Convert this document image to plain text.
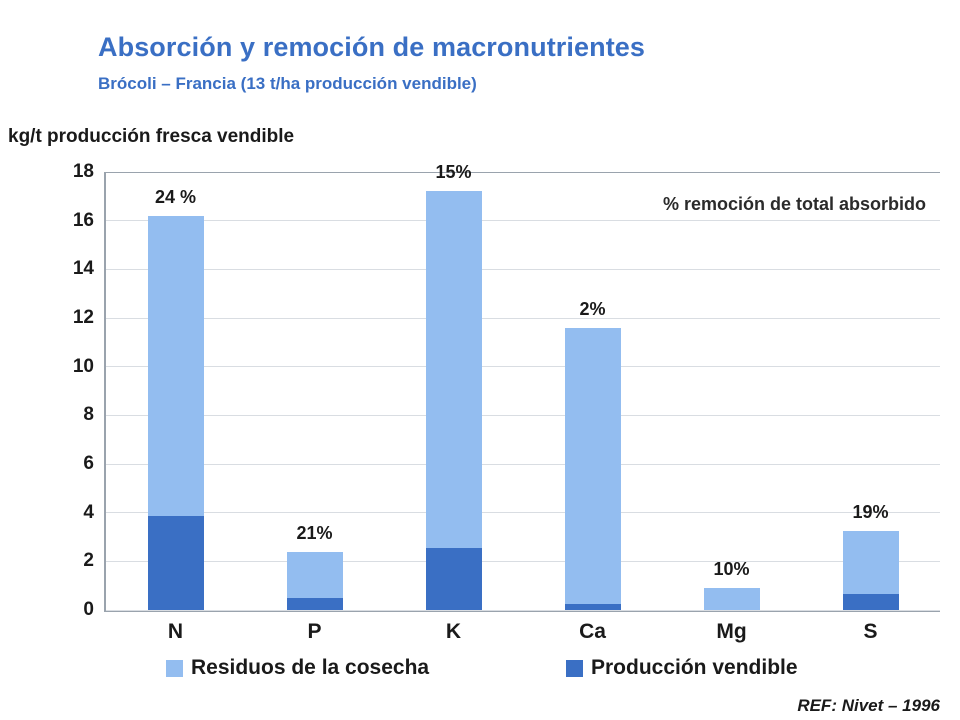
Absorción y remoción de macronutrientes
Brócoli – Francia (13 t/ha producción vendible)
kg/t producción fresca vendible
% remoción de total absorbido
0
2
4
6
8
10
12
14
16
18
24 %
N
21%
P
15%
K
2%
Ca
10%
Mg
19%
S
Residuos de la cosecha	Producción vendible
REF: Nivet – 1996
